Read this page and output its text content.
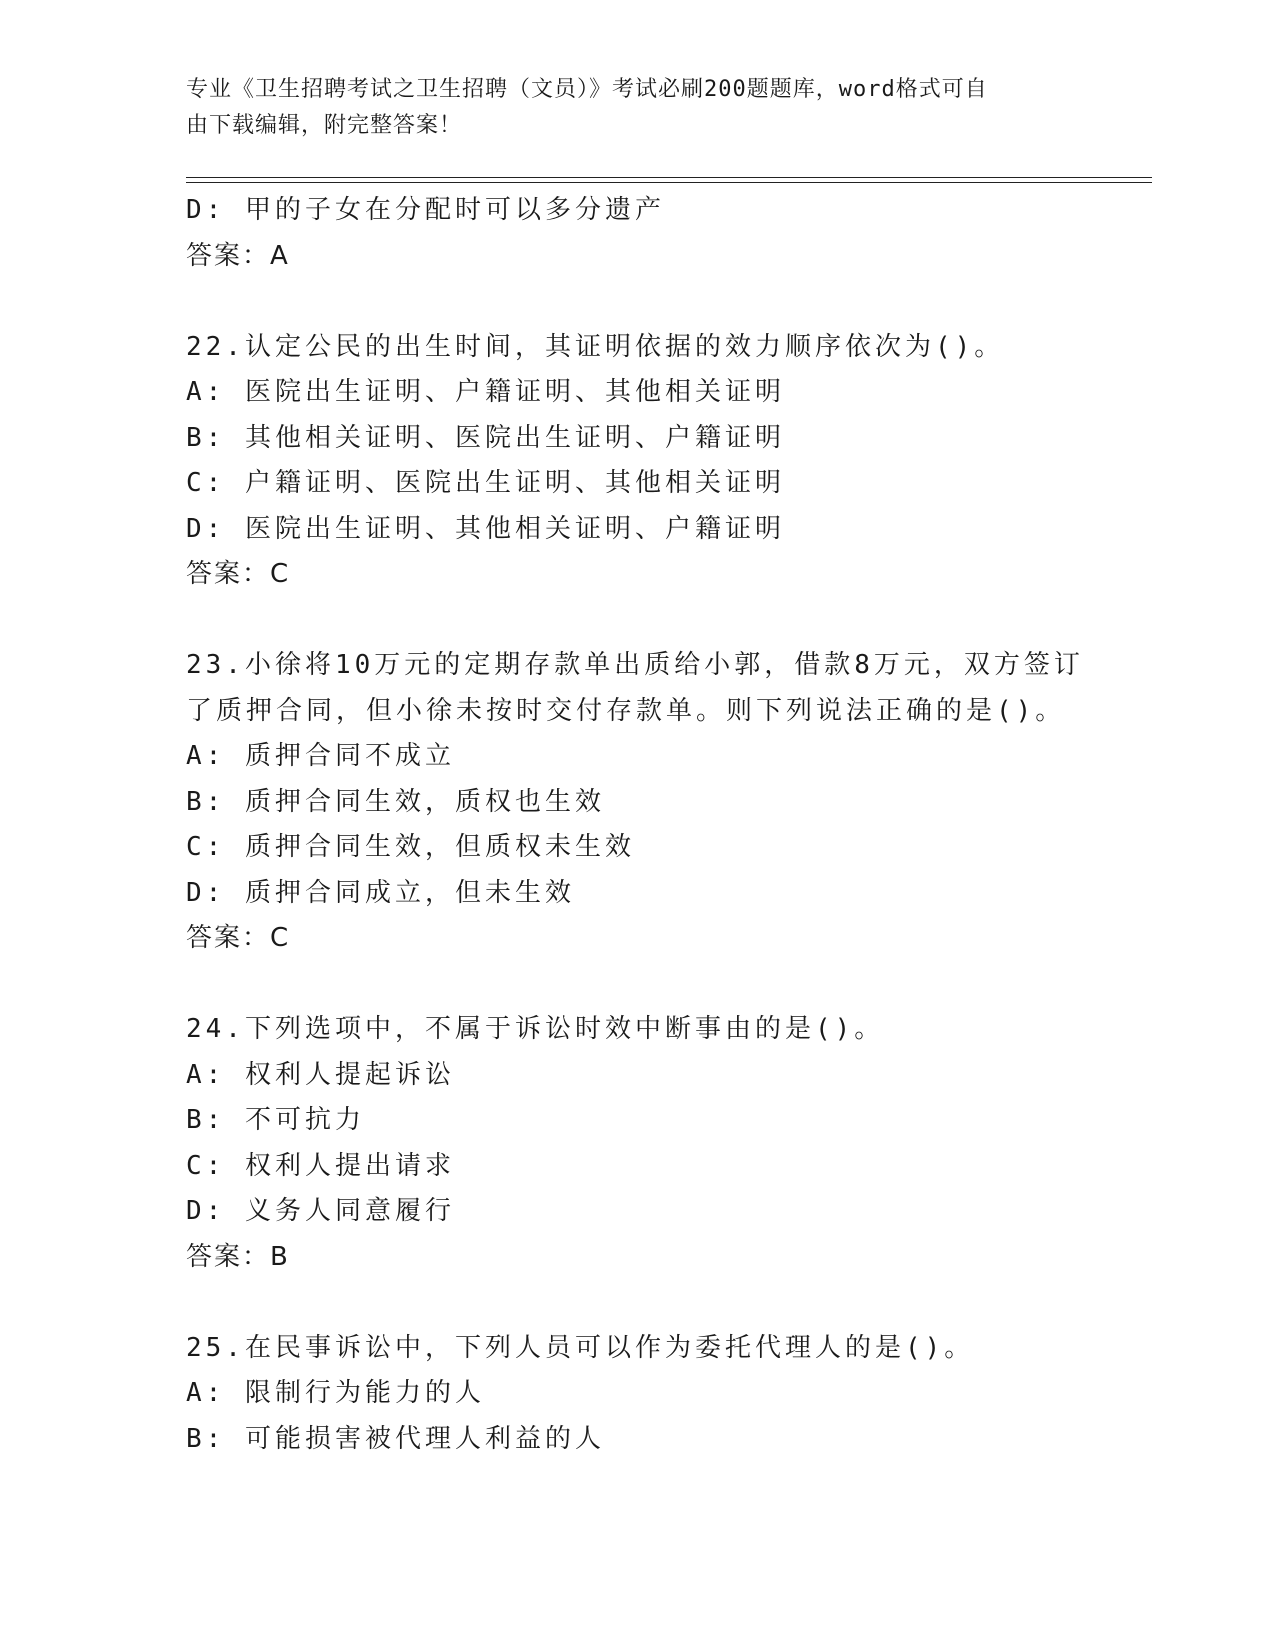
专业《卫生招聘考试之卫生招聘（文员）》考试必刷200题题库，word格式可自
由下载编辑，附完整答案！
D: 甲的子女在分配时可以多分遗产
答案：A
22.认定公民的出生时间，其证明依据的效力顺序依次为()。
A: 医院出生证明、户籍证明、其他相关证明
B: 其他相关证明、医院出生证明、户籍证明
C: 户籍证明、医院出生证明、其他相关证明
D: 医院出生证明、其他相关证明、户籍证明
答案：C
23.小徐将10万元的定期存款单出质给小郭，借款8万元，双方签订
了质押合同，但小徐未按时交付存款单。则下列说法正确的是()。
A: 质押合同不成立
B: 质押合同生效，质权也生效
C: 质押合同生效，但质权未生效
D: 质押合同成立，但未生效
答案：C
24.下列选项中，不属于诉讼时效中断事由的是()。
A: 权利人提起诉讼
B: 不可抗力
C: 权利人提出请求
D: 义务人同意履行
答案：B
25.在民事诉讼中，下列人员可以作为委托代理人的是()。
A: 限制行为能力的人
B: 可能损害被代理人利益的人
